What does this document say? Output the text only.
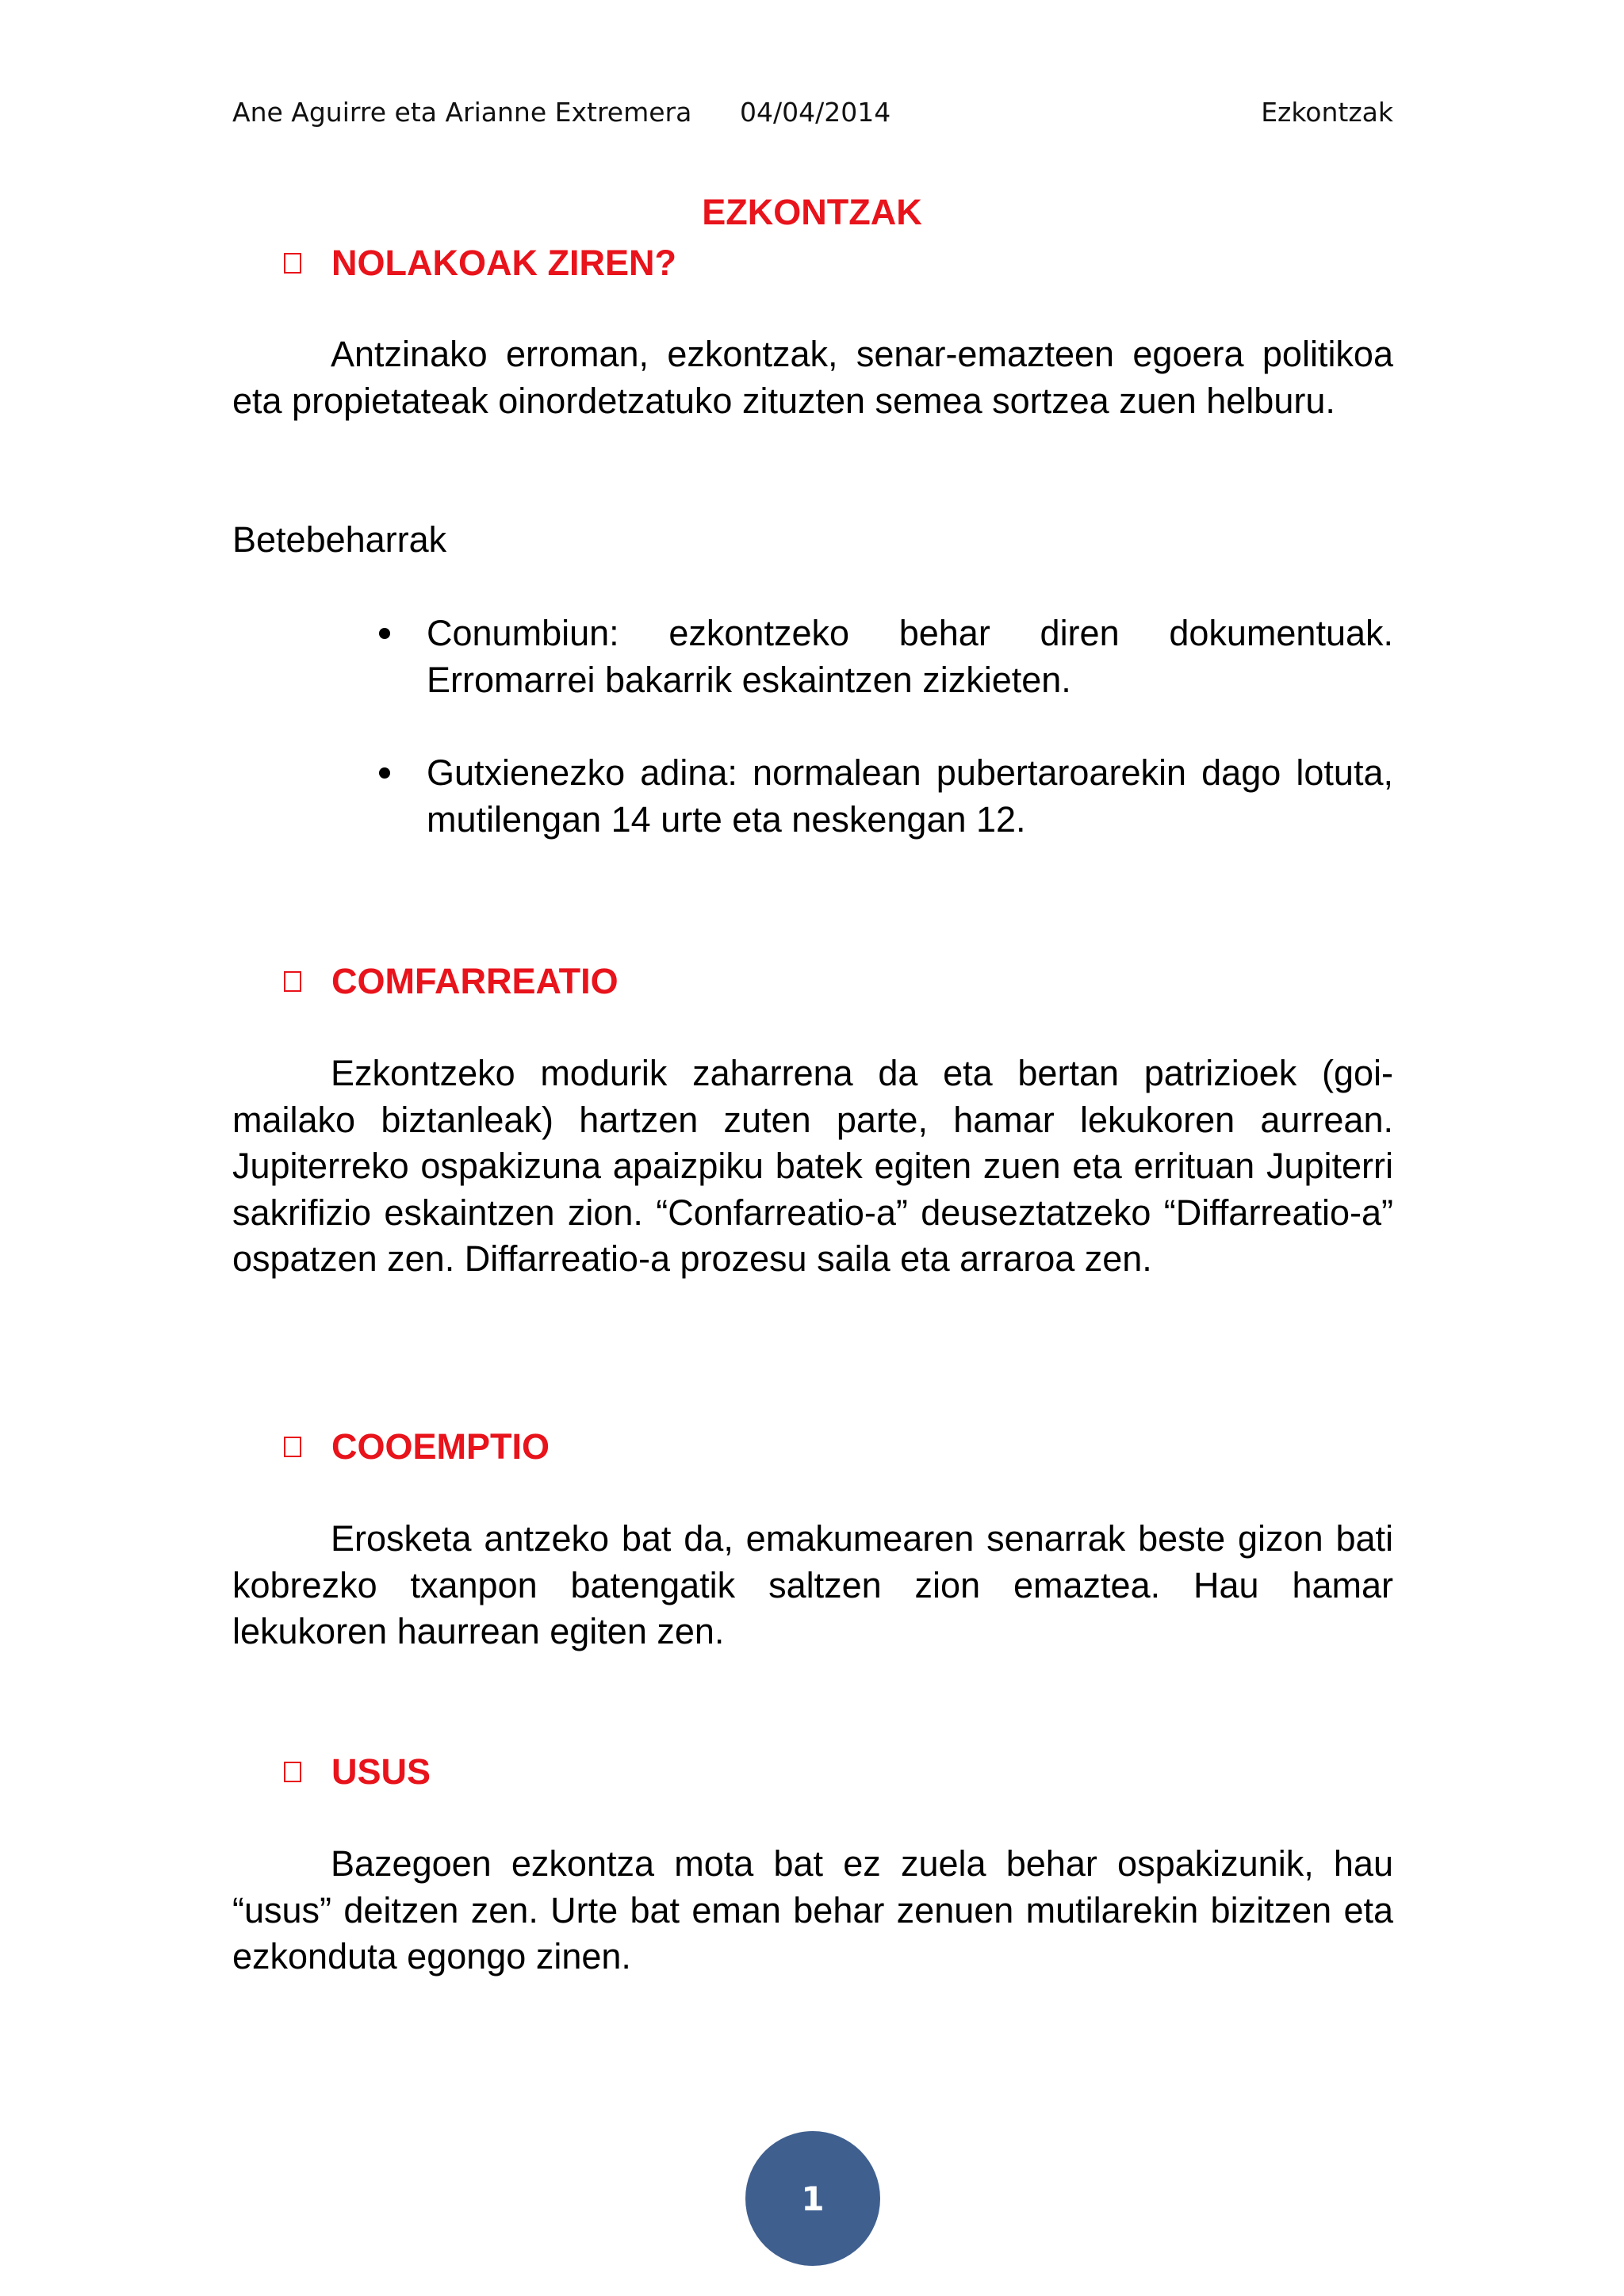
Ane Aguirre eta Arianne Extremera 04/04/2014	Ezkontzak
EZKONTZAK
NOLAKOAK ZIREN?

Antzinako erroman, ezkontzak, senar-emazteen egoera politikoa eta propietateak oinordetzatuko zituzten semea sortzea zuen helburu.

Betebeharrak

Conumbiun: ezkontzeko behar diren dokumentuak. Erromarrei bakarrik eskaintzen zizkieten.
Gutxienezko adina: normalean pubertaroarekin dago lotuta, mutilengan 14 urte eta neskengan 12.
COMFARREATIO

Ezkontzeko modurik zaharrena da eta bertan patrizioek (goi-mailako biztanleak) hartzen zuten parte, hamar lekukoren aurrean. Jupiterreko ospakizuna apaizpiku batek egiten zuen eta errituan Jupiterri sakrifizio eskaintzen zion. “Confarreatio-a” deuseztatzeko “Diffarreatio-a” ospatzen zen. Diffarreatio-a prozesu saila eta arraroa zen.

COOEMPTIO

Erosketa antzeko bat da, emakumearen senarrak beste gizon bati kobrezko txanpon batengatik saltzen zion emaztea. Hau hamar lekukoren haurrean egiten zen.

USUS

Bazegoen ezkontza mota bat ez zuela behar ospakizunik, hau “usus” deitzen zen. Urte bat eman behar zenuen mutilarekin bizitzen eta ezkonduta egongo zinen.

1
